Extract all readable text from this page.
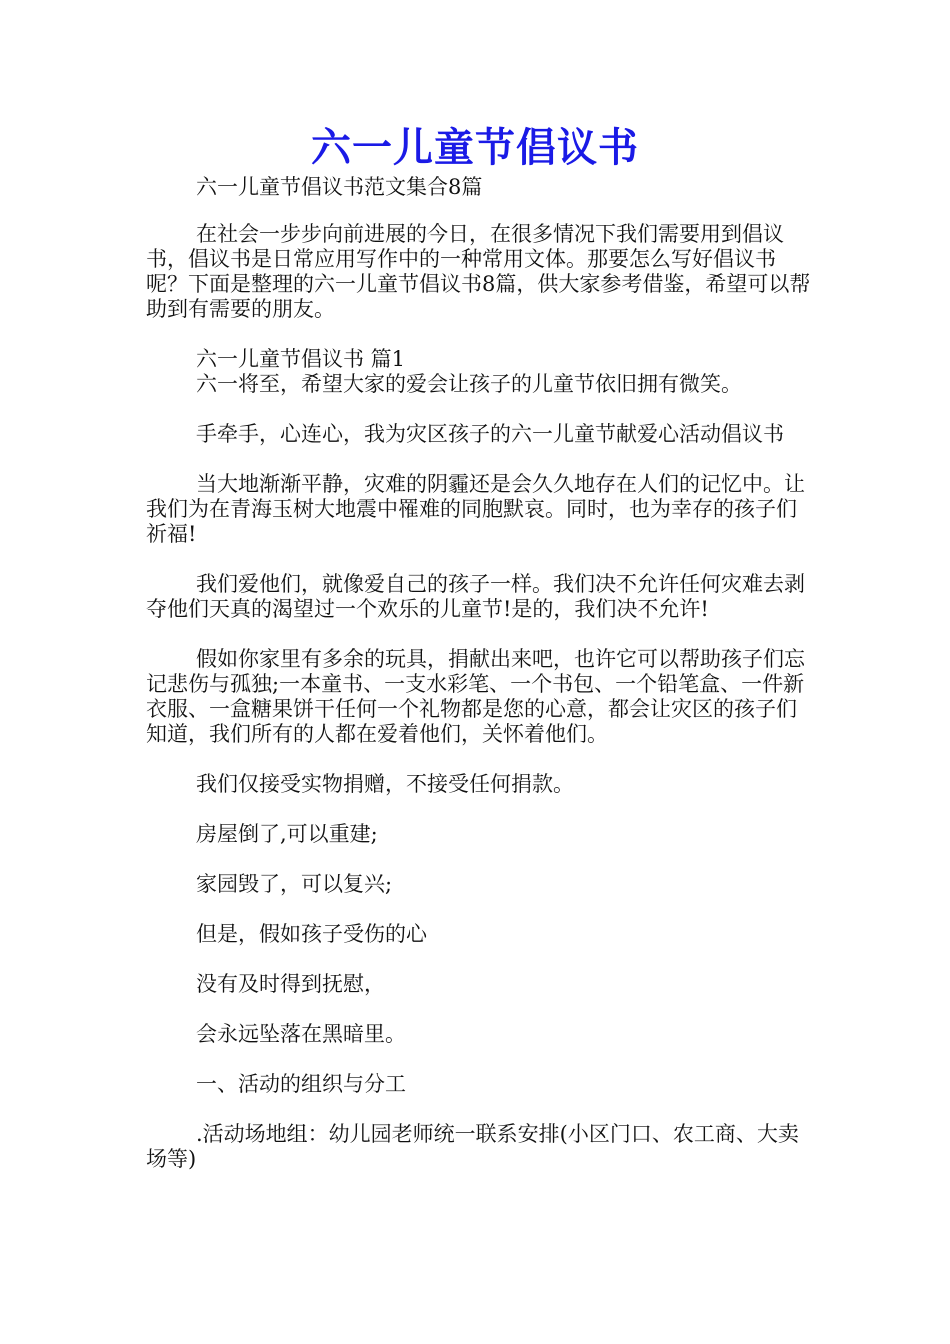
六一儿童节倡议书
六一儿童节倡议书范文集合8篇

在社会一步步向前进展的今日，在很多情况下我们需要用到倡议书，倡议书是日常应用写作中的一种常用文体。那要怎么写好倡议书呢？下面是整理的六一儿童节倡议书8篇，供大家参考借鉴，希望可以帮助到有需要的朋友。

六一儿童节倡议书 篇1

六一将至，希望大家的爱会让孩子的儿童节依旧拥有微笑。

手牵手，心连心，我为灾区孩子的六一儿童节献爱心活动倡议书

当大地渐渐平静，灾难的阴霾还是会久久地存在人们的记忆中。让我们为在青海玉树大地震中罹难的同胞默哀。同时，也为幸存的孩子们祈福!

我们爱他们，就像爱自己的孩子一样。我们决不允许任何灾难去剥夺他们天真的渴望过一个欢乐的儿童节!是的，我们决不允许!

假如你家里有多余的玩具，捐献出来吧，也许它可以帮助孩子们忘记悲伤与孤独;一本童书、一支水彩笔、一个书包、一个铅笔盒、一件新衣服、一盒糖果饼干任何一个礼物都是您的心意，都会让灾区的孩子们知道，我们所有的人都在爱着他们，关怀着他们。

我们仅接受实物捐赠，不接受任何捐款。

房屋倒了,可以重建;

家园毁了，可以复兴;

但是，假如孩子受伤的心

没有及时得到抚慰，

会永远坠落在黑暗里。

一、活动的组织与分工

.活动场地组：幼儿园老师统一联系安排(小区门口、农工商、大卖场等)
